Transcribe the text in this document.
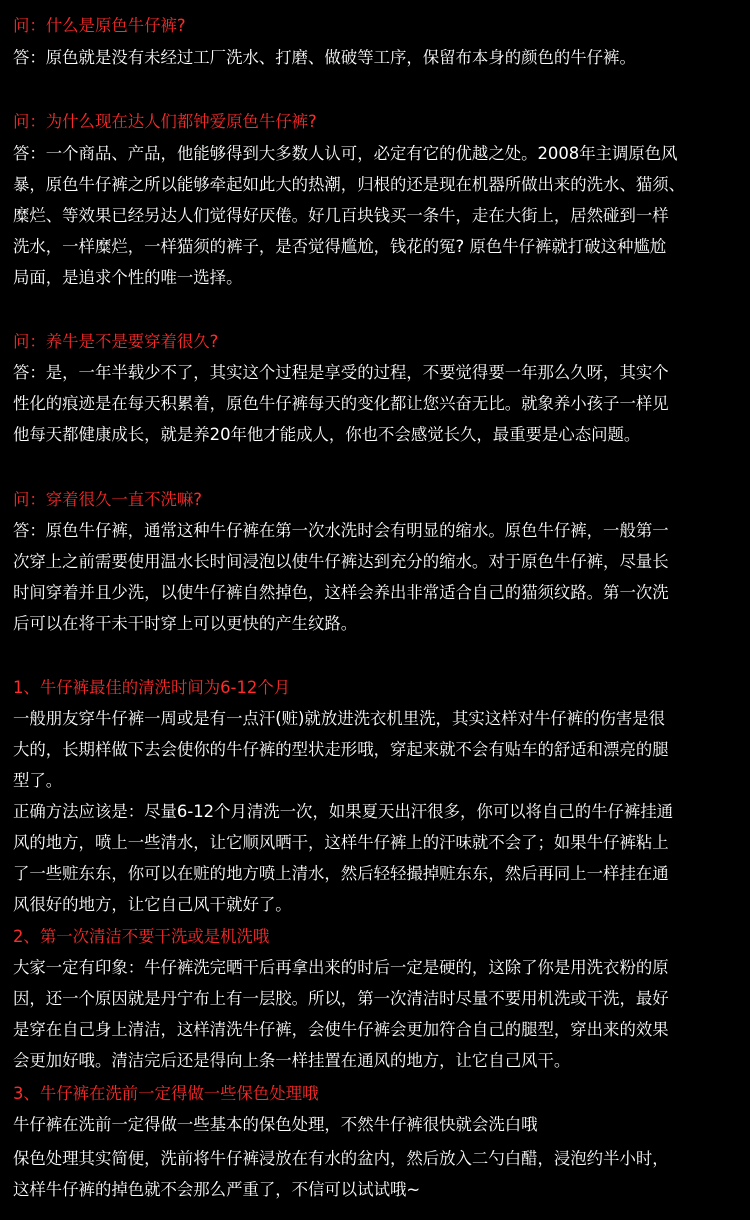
问：什么是原色牛仔裤?

答：原色就是没有未经过工厂洗水、打磨、做破等工序，保留布本身的颜色的牛仔裤。

问：为什么现在达人们都钟爱原色牛仔裤?

答：一个商品、产品，他能够得到大多数人认可，必定有它的优越之处。2008年主调原色风

暴，原色牛仔裤之所以能够牵起如此大的热潮，归根的还是现在机器所做出来的洗水、猫须、

糜烂、等效果已经另达人们觉得好厌倦。好几百块钱买一条牛，走在大街上，居然碰到一样

洗水，一样糜烂，一样猫须的裤子，是否觉得尴尬，钱花的冤? 原色牛仔裤就打破这种尴尬

局面，是追求个性的唯一选择。

问：养牛是不是要穿着很久?

答：是，一年半载少不了，其实这个过程是享受的过程，不要觉得要一年那么久呀，其实个

性化的痕迹是在每天积累着，原色牛仔裤每天的变化都让您兴奋无比。就象养小孩子一样见

他每天都健康成长，就是养20年他才能成人，你也不会感觉长久，最重要是心态问题。

问：穿着很久一直不洗嘛?

答：原色牛仔裤，通常这种牛仔裤在第一次水洗时会有明显的缩水。原色牛仔裤，一般第一

次穿上之前需要使用温水长时间浸泡以使牛仔裤达到充分的缩水。对于原色牛仔裤，尽量长

时间穿着并且少洗，以使牛仔裤自然掉色，这样会养出非常适合自己的猫须纹路。第一次洗

后可以在将干未干时穿上可以更快的产生纹路。

1、牛仔裤最佳的清洗时间为6-12个月

一般朋友穿牛仔裤一周或是有一点汗(赃)就放进洗衣机里洗，其实这样对牛仔裤的伤害是很

大的，长期样做下去会使你的牛仔裤的型状走形哦，穿起来就不会有贴车的舒适和漂亮的腿

型了。

正确方法应该是：尽量6-12个月清洗一次，如果夏天出汗很多，你可以将自己的牛仔裤挂通

风的地方，喷上一些清水，让它顺风晒干，这样牛仔裤上的汗味就不会了；如果牛仔裤粘上

了一些赃东东，你可以在赃的地方喷上清水，然后轻轻撮掉赃东东，然后再同上一样挂在通

风很好的地方，让它自己风干就好了。

2、第一次清洁不要干洗或是机洗哦

大家一定有印象：牛仔裤洗完晒干后再拿出来的时后一定是硬的，这除了你是用洗衣粉的原

因，还一个原因就是丹宁布上有一层胶。所以，第一次清洁时尽量不要用机洗或干洗，最好

是穿在自己身上清洁，这样清洗牛仔裤，会使牛仔裤会更加符合自己的腿型，穿出来的效果

会更加好哦。清洁完后还是得向上条一样挂置在通风的地方，让它自己风干。

3、牛仔裤在洗前一定得做一些保色处理哦

牛仔裤在洗前一定得做一些基本的保色处理，不然牛仔裤很快就会洗白哦

保色处理其实简便，洗前将牛仔裤浸放在有水的盆内，然后放入二勺白醋，浸泡约半小时，

这样牛仔裤的掉色就不会那么严重了，不信可以试试哦~
